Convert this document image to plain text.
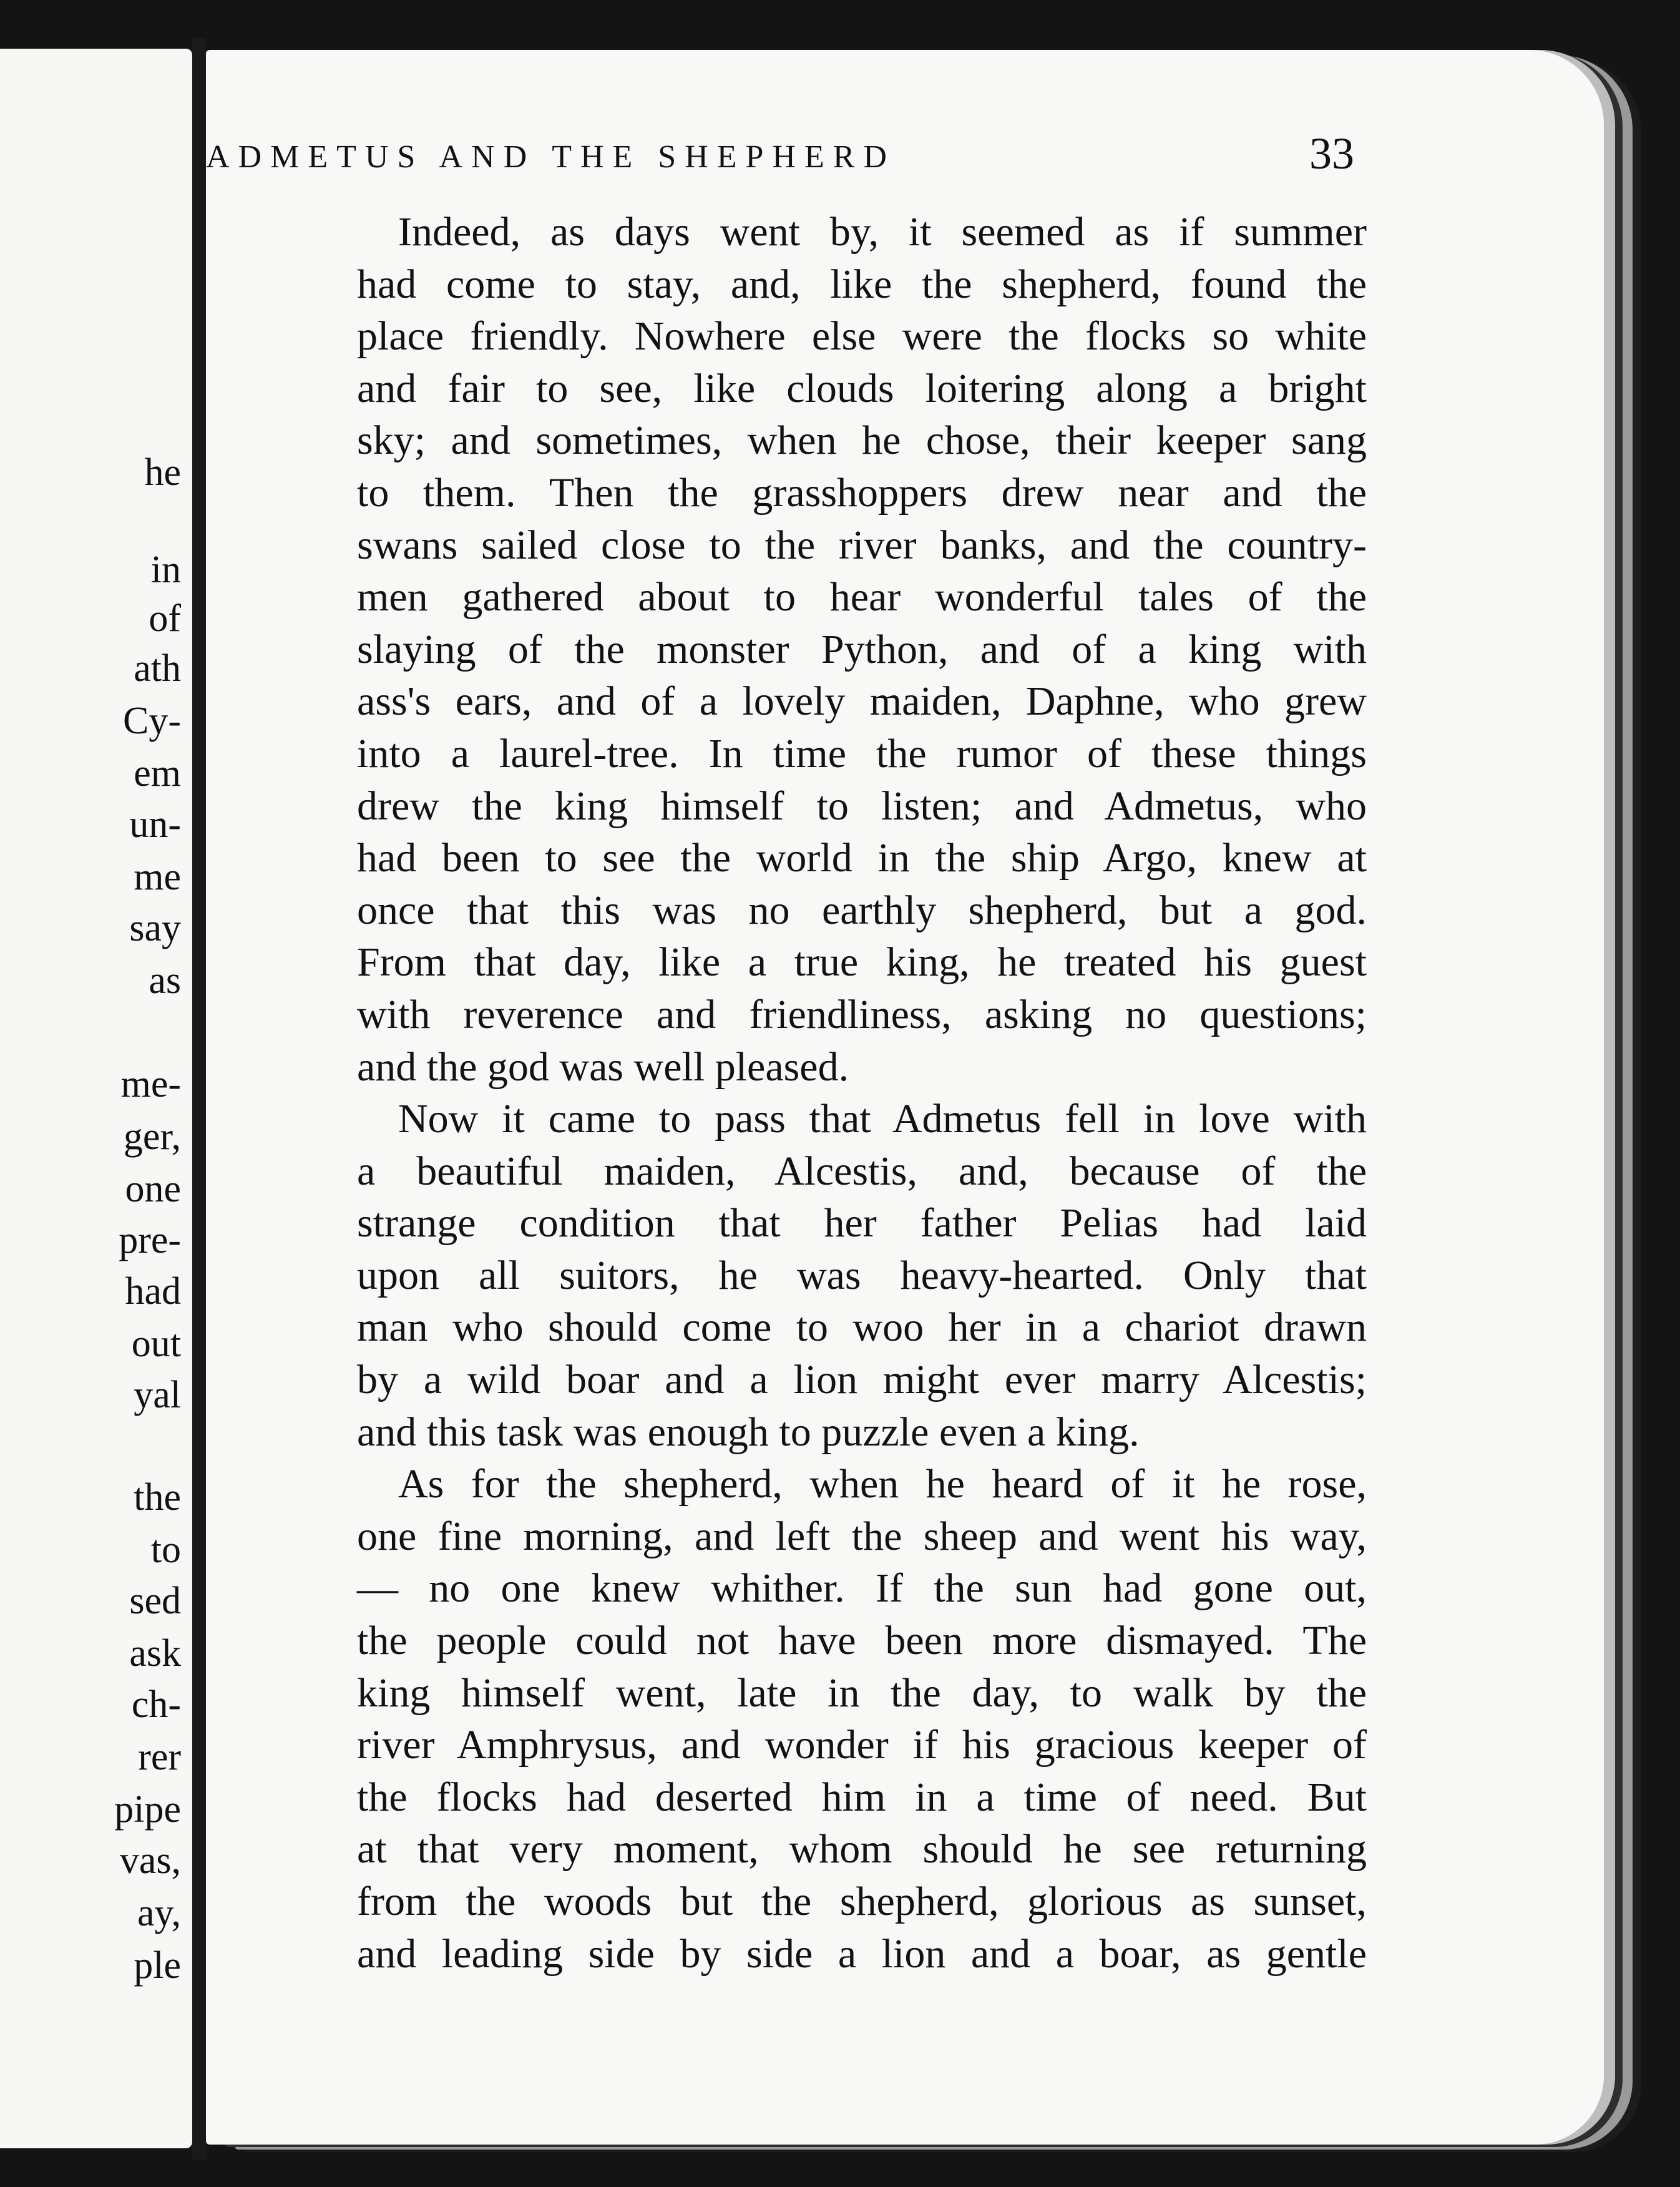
he
in
of
ath
Cy-
em
un-
me
say
as
me-
ger,
one
pre-
had
out
yal
the
to
sed
ask
ch-
rer
pipe
vas,
ay,
ple
ADMETUS AND THE SHEPHERD	33
Indeed, as days went by, it seemed as if summer
had come to stay, and, like the shepherd, found the
place friendly. Nowhere else were the flocks so white
and fair to see, like clouds loitering along a bright
sky; and sometimes, when he chose, their keeper sang
to them. Then the grasshoppers drew near and the
swans sailed close to the river banks, and the country-
men gathered about to hear wonderful tales of the
slaying of the monster Python, and of a king with
ass's ears, and of a lovely maiden, Daphne, who grew
into a laurel-tree. In time the rumor of these things
drew the king himself to listen; and Admetus, who
had been to see the world in the ship Argo, knew at
once that this was no earthly shepherd, but a god.
From that day, like a true king, he treated his guest
with reverence and friendliness, asking no questions;
and the god was well pleased.
Now it came to pass that Admetus fell in love with
a beautiful maiden, Alcestis, and, because of the
strange condition that her father Pelias had laid
upon all suitors, he was heavy-hearted. Only that
man who should come to woo her in a chariot drawn
by a wild boar and a lion might ever marry Alcestis;
and this task was enough to puzzle even a king.
As for the shepherd, when he heard of it he rose,
one fine morning, and left the sheep and went his way,
— no one knew whither. If the sun had gone out,
the people could not have been more dismayed. The
king himself went, late in the day, to walk by the
river Amphrysus, and wonder if his gracious keeper of
the flocks had deserted him in a time of need. But
at that very moment, whom should he see returning
from the woods but the shepherd, glorious as sunset,
and leading side by side a lion and a boar, as gentle
